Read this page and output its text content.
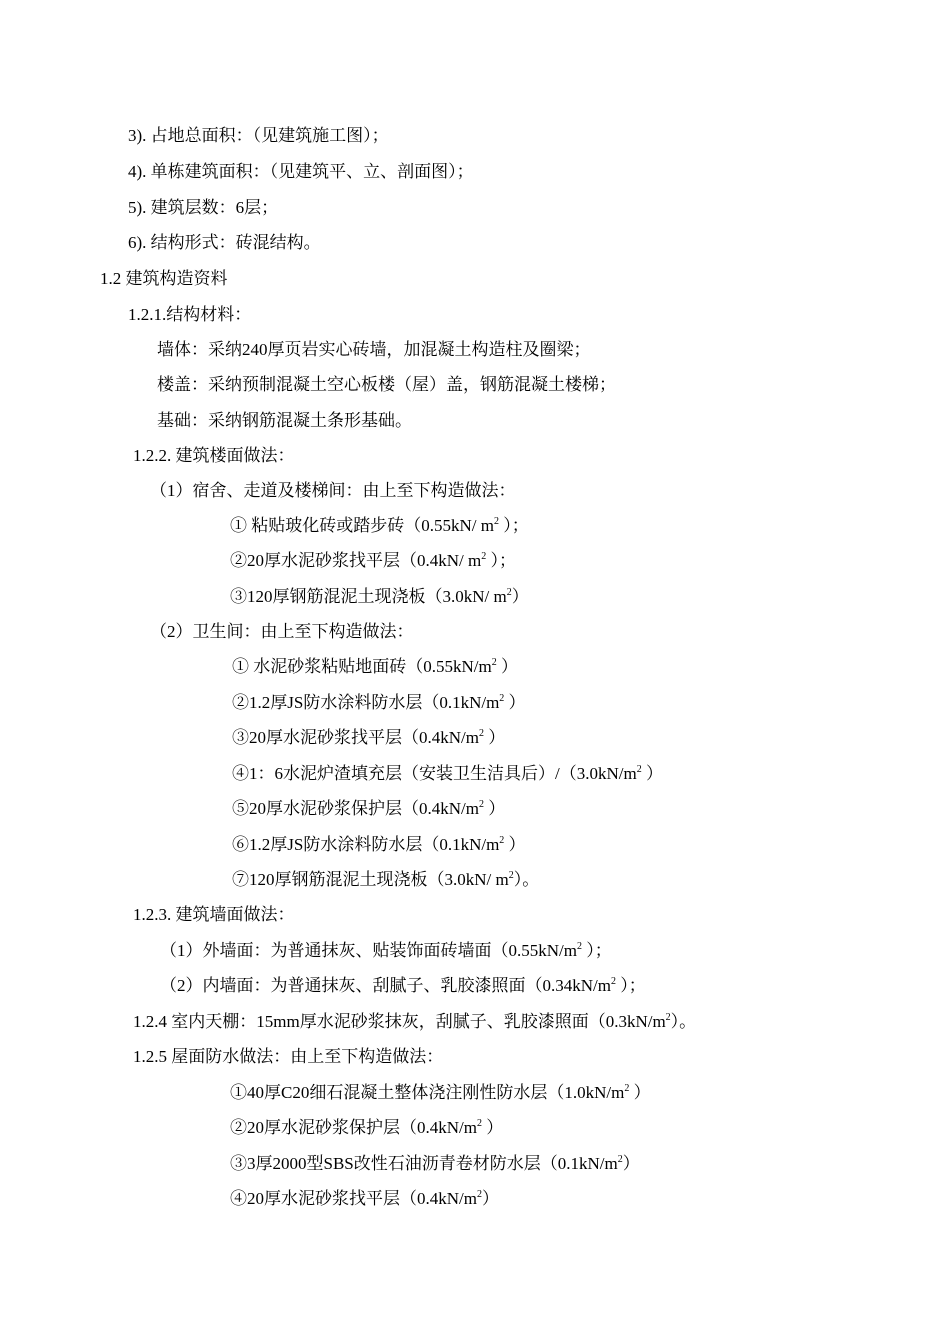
3). 占地总面积：（见建筑施工图）；
4). 单栋建筑面积：（见建筑平、立、剖面图）；
5). 建筑层数：6层；
6). 结构形式：砖混结构。
1.2 建筑构造资料
1.2.1.结构材料：
墙体：采纳240厚页岩实心砖墙，加混凝土构造柱及圈梁；
楼盖：采纳预制混凝土空心板楼（屋）盖，钢筋混凝土楼梯；
基础：采纳钢筋混凝土条形基础。
1.2.2. 建筑楼面做法：
（1）宿舍、走道及楼梯间：由上至下构造做法：
① 粘贴玻化砖或踏步砖（0.55kN/ $m^2$ ）；
②20厚水泥砂浆找平层（0.4kN/ $m^2$ ）；
③120厚钢筋混泥土现浇板（3.0kN/ $m^2$）
（2）卫生间：由上至下构造做法：
① 水泥砂浆粘贴地面砖（$0.55kN/m^2$ ）
②1.2厚JS防水涂料防水层（$0.1kN/m^2$ ）
③20厚水泥砂浆找平层（$0.4kN/m^2$ ）
④1：6水泥炉渣填充层（安装卫生洁具后）$/(3.0kN/m^2$ ）
⑤20厚水泥砂浆保护层（$0.4kN/m^2$ ）
⑥1.2厚JS防水涂料防水层（$0.1kN/m^2$ ）
⑦120厚钢筋混泥土现浇板（3.0kN/ $m^2$）。
1.2.3. 建筑墙面做法：
（1）外墙面：为普通抹灰、贴装饰面砖墙面（$0.55kN/m^2$ ）；
（2）内墙面：为普通抹灰、刮腻子、乳胶漆照面（$0.34kN/m^2$ ）；
1.2.4 室内天棚：15mm厚水泥砂浆抹灰，刮腻子、乳胶漆照面$(0.3kN/m^2)$。
1.2.5 屋面防水做法：由上至下构造做法：
①40厚C20细石混凝土整体浇注刚性防水层（$1.0kN/m^2$ ）
②20厚水泥砂浆保护层（$0.4kN/m^2$ ）
③3厚2000型SBS改性石油沥青卷材防水层$(0.1kN/m^2)$
④20厚水泥砂浆找平层$(0.4kN/m^2)$
